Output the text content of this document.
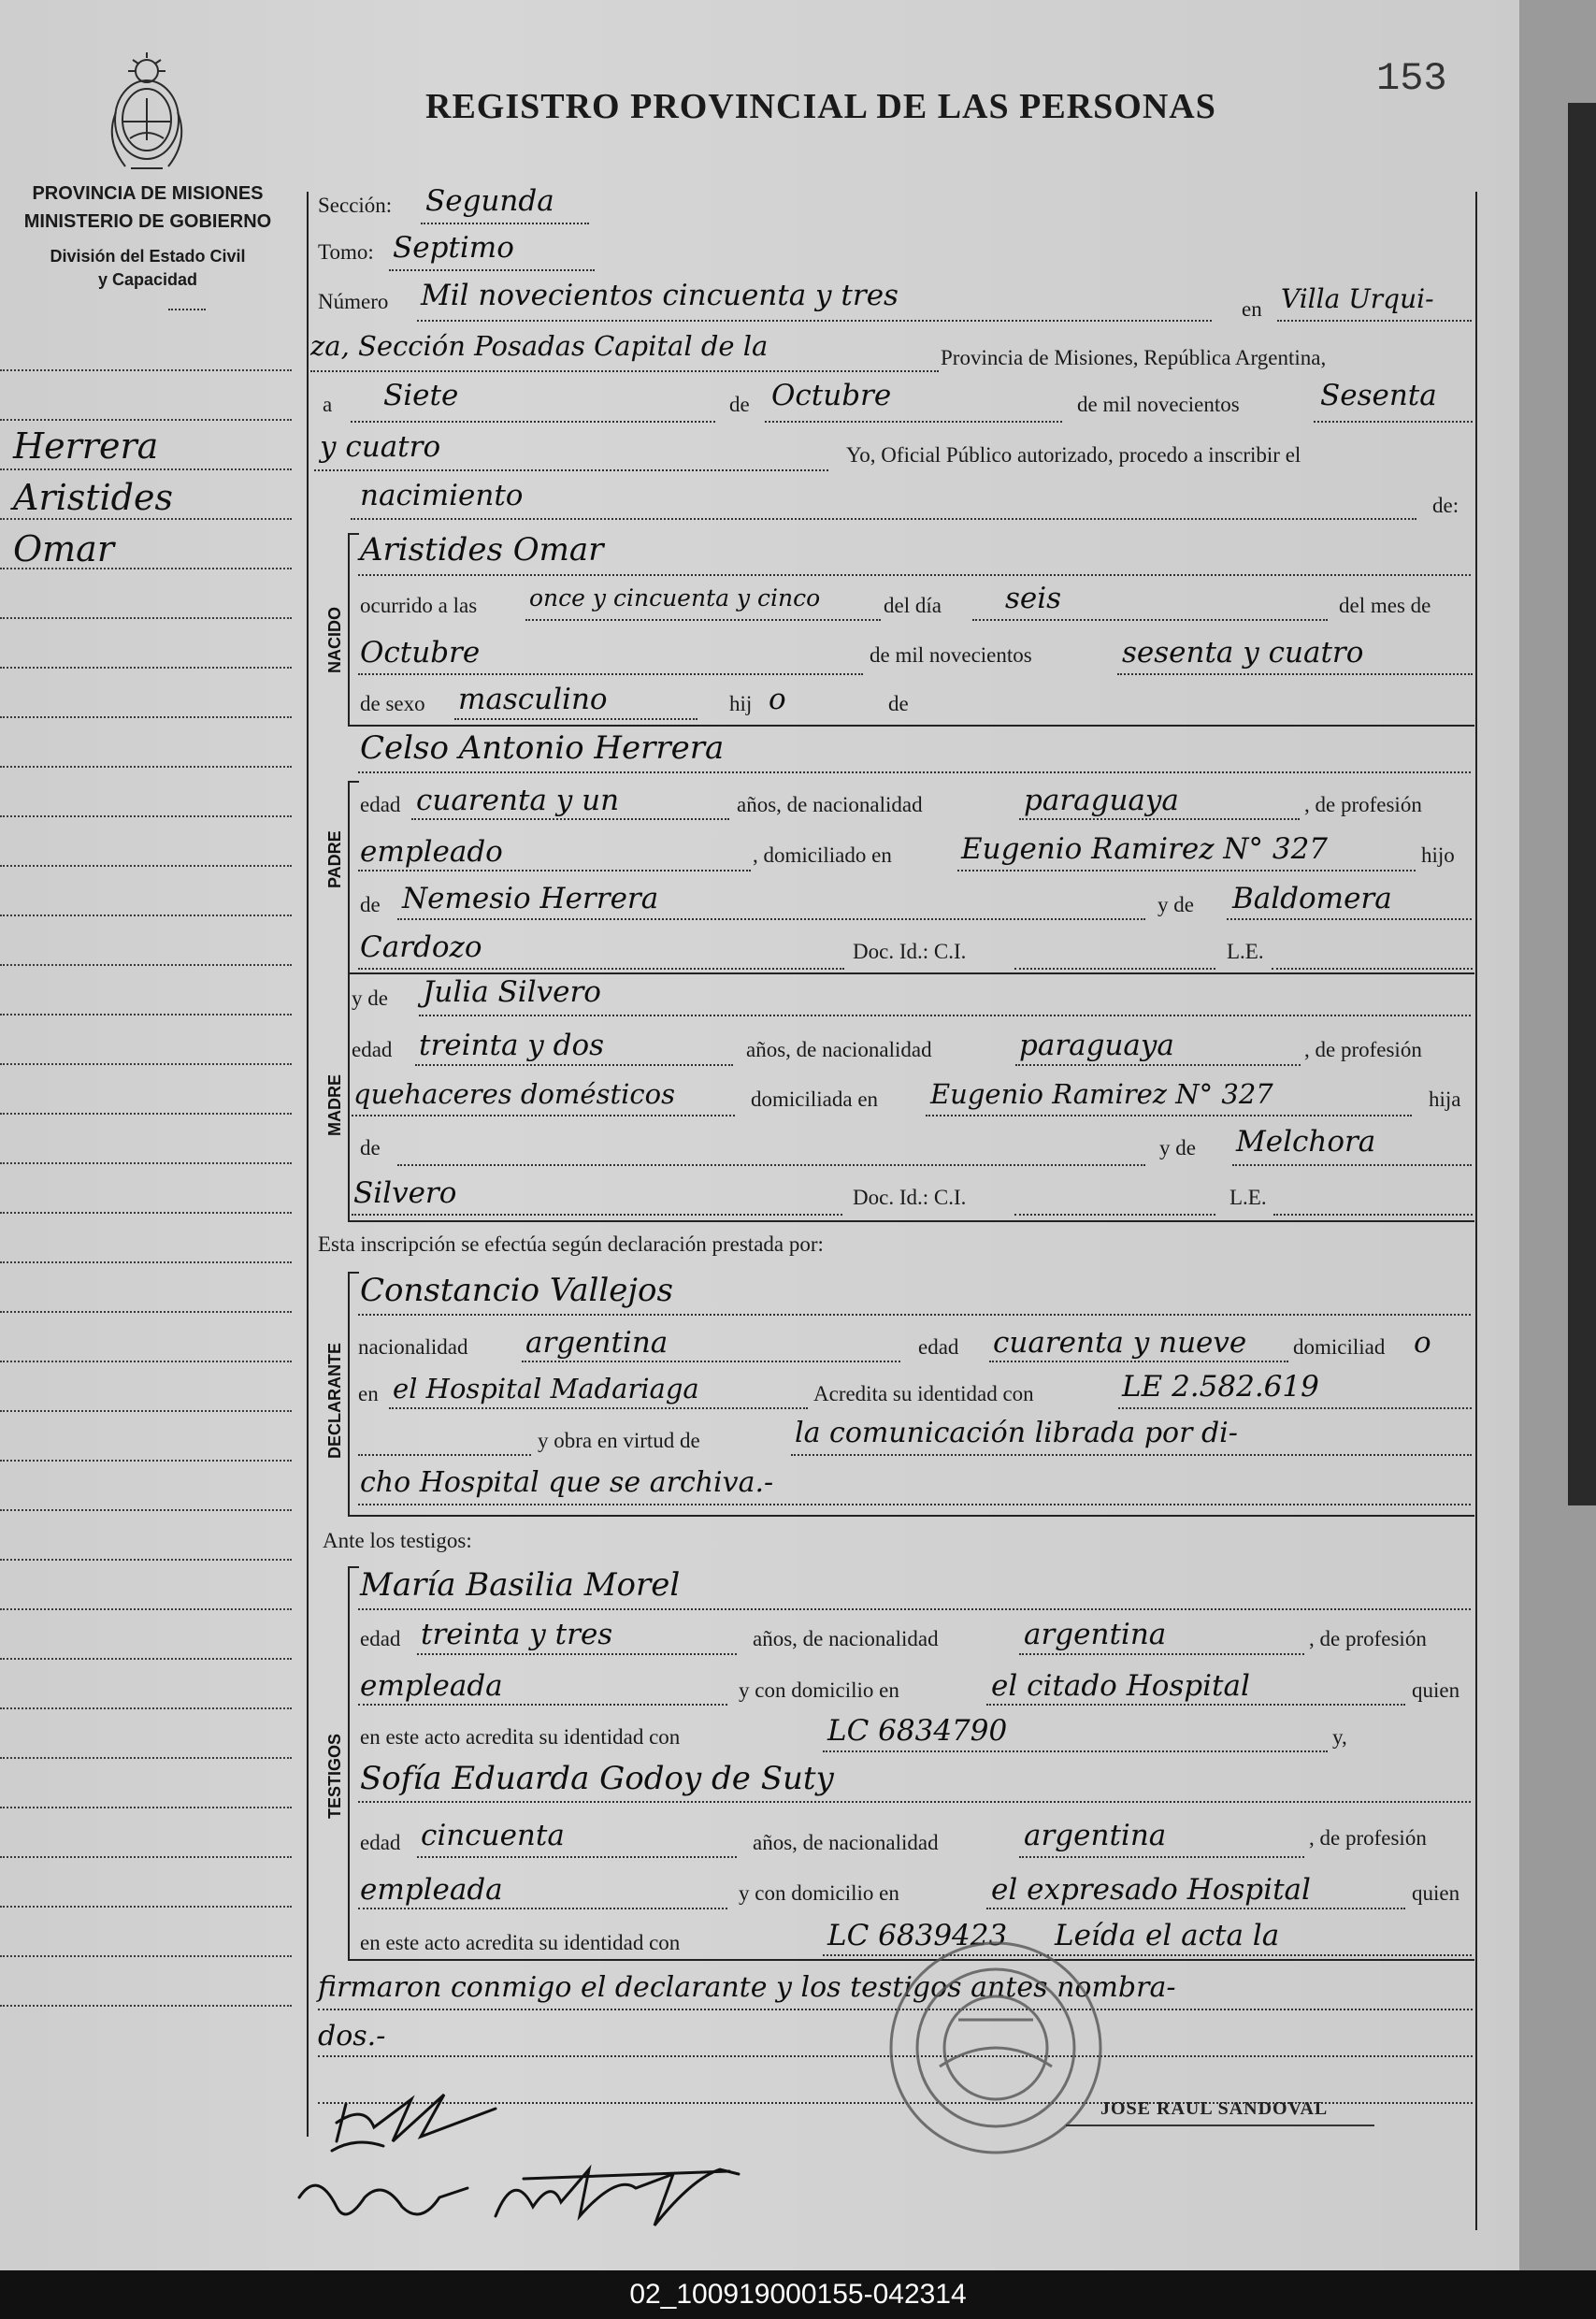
REGISTRO PROVINCIAL DE LAS PERSONAS
153
PROVINCIA DE MISIONES
MINISTERIO DE GOBIERNO
División del Estado Civil
y Capacidad
Herrera
Aristides
Omar
NACIDO
PADRE
MADRE
DECLARANTE
TESTIGOS
Sección: Segunda
Tomo: Septimo
Número Mil novecientos cincuenta y tres	en Villa Urqui-
za, Sección Posadas Capital de la	Provincia de Misiones, República Argentina,
a Siete	de Octubre	de mil novecientos	Sesenta
y cuatro	Yo, Oficial Público autorizado, procedo a inscribir el
nacimiento	de:
Aristides Omar
ocurrido a las once y cincuenta y cinco	del día seis	del mes de
Octubre	de mil novecientos	sesenta y cuatro
de sexo masculino	hij o	de
Celso Antonio Herrera
edad cuarenta y un	años, de nacionalidad	paraguaya	, de profesión
empleado	, domiciliado en Eugenio Ramirez N° 327	hijo
de Nemesio Herrera	y de Baldomera
Cardozo	Doc. Id.: C.I.	L.E.
y de Julia Silvero
edad treinta y dos	años, de nacionalidad	paraguaya	, de profesión
quehaceres domésticos	domiciliada en Eugenio Ramirez N° 327	hija
de	y de Melchora
Silvero	Doc. Id.: C.I.	L.E.
Esta inscripción se efectúa según declaración prestada por:
Constancio Vallejos
nacionalidad argentina	edad cuarenta y nueve domiciliad o
en el Hospital Madariaga	Acredita su identidad con	LE 2.582.619
y obra en virtud de	la comunicación librada por di-
cho Hospital que se archiva.-
Ante los testigos:
María Basilia Morel
edad treinta y tres	años, de nacionalidad	argentina	, de profesión
empleada	y con domicilio en	el citado Hospital	quien
en este acto acredita su identidad con	LC 6834790	y,
Sofía Eduarda Godoy de Suty
edad cincuenta	años, de nacionalidad	argentina	, de profesión
empleada	y con domicilio en	el expresado Hospital	quien
en este acto acredita su identidad con	LC 6839423 Leída el acta la
firmaron conmigo el declarante y los testigos antes nombra-
dos.-
JOSE RAUL SANDOVAL
02_100919000155-042314
